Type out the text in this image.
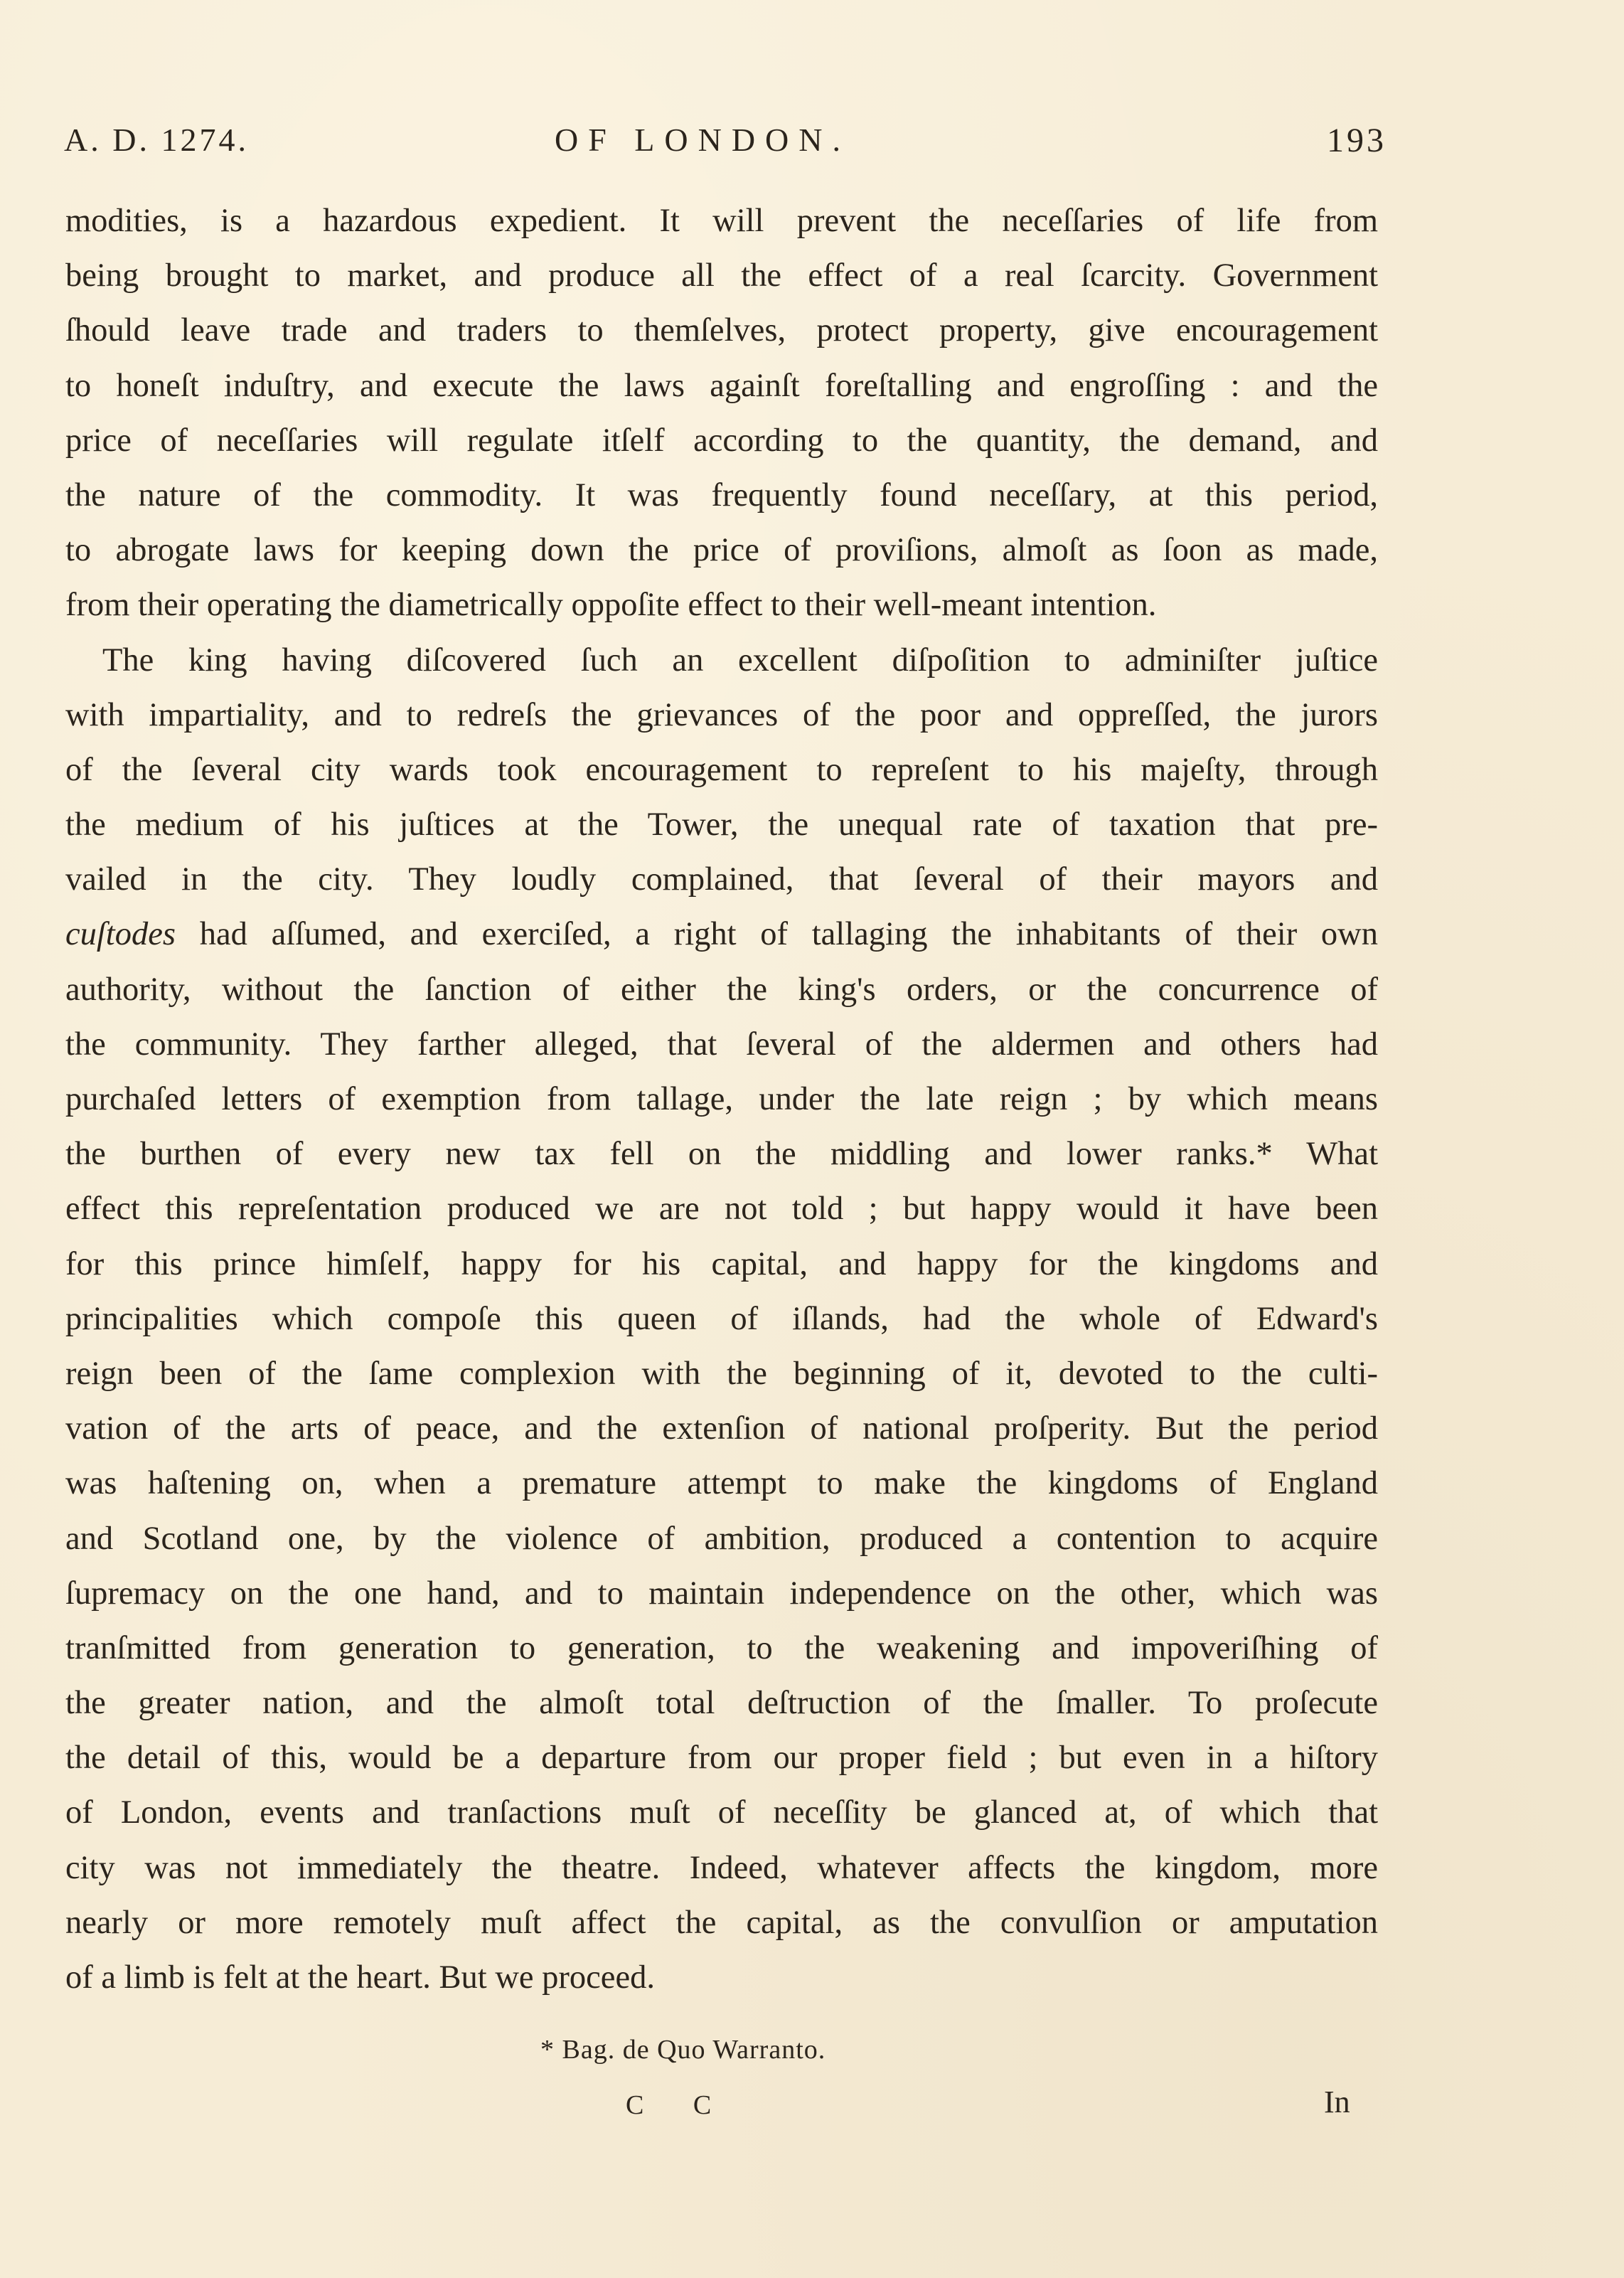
A. D. 1274.	OF LONDON.	193
modities, is a hazardous expedient. It will prevent the neceſſaries of life from
being brought to market, and produce all the effect of a real ſcarcity. Government
ſhould leave trade and traders to themſelves, protect property, give encouragement
to honeſt induſtry, and execute the laws againſt foreſtalling and engroſſing : and the
price of neceſſaries will regulate itſelf according to the quantity, the demand, and
the nature of the commodity. It was frequently found neceſſary, at this period,
to abrogate laws for keeping down the price of proviſions, almoſt as ſoon as made,
from their operating the diametrically oppoſite effect to their well-meant intention.
The king having diſcovered ſuch an excellent diſpoſition to adminiſter juſtice
with impartiality, and to redreſs the grievances of the poor and oppreſſed, the jurors
of the ſeveral city wards took encouragement to repreſent to his majeſty, through
the medium of his juſtices at the Tower, the unequal rate of taxation that pre-
vailed in the city. They loudly complained, that ſeveral of their mayors and
cuſtodes had aſſumed, and exerciſed, a right of tallaging the inhabitants of their own
authority, without the ſanction of either the king's orders, or the concurrence of
the community. They farther alleged, that ſeveral of the aldermen and others had
purchaſed letters of exemption from tallage, under the late reign ; by which means
the burthen of every new tax fell on the middling and lower ranks.* What
effect this repreſentation produced we are not told ; but happy would it have been
for this prince himſelf, happy for his capital, and happy for the kingdoms and
principalities which compoſe this queen of iſlands, had the whole of Edward's
reign been of the ſame complexion with the beginning of it, devoted to the culti-
vation of the arts of peace, and the extenſion of national proſperity. But the period
was haſtening on, when a premature attempt to make the kingdoms of England
and Scotland one, by the violence of ambition, produced a contention to acquire
ſupremacy on the one hand, and to maintain independence on the other, which was
tranſmitted from generation to generation, to the weakening and impoveriſhing of
the greater nation, and the almoſt total deſtruction of the ſmaller. To proſecute
the detail of this, would be a departure from our proper field ; but even in a hiſtory
of London, events and tranſactions muſt of neceſſity be glanced at, of which that
city was not immediately the theatre. Indeed, whatever affects the kingdom, more
nearly or more remotely muſt affect the capital, as the convulſion or amputation
of a limb is felt at the heart. But we proceed.
* Bag. de Quo Warranto.
C C	In
